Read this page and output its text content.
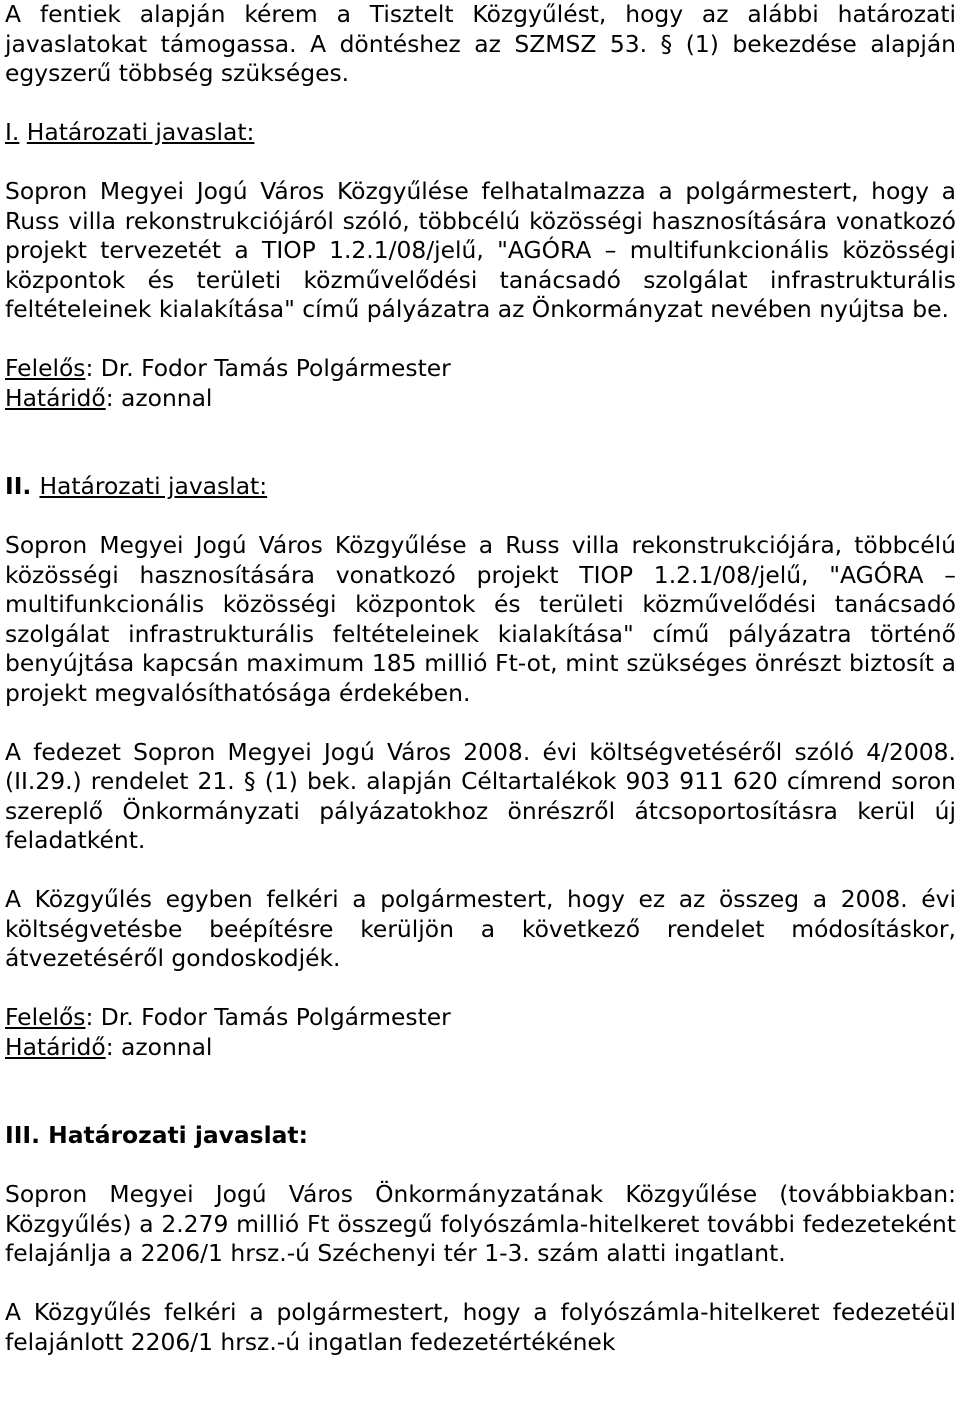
A fentiek alapján kérem a Tisztelt Közgyűlést, hogy az alábbi határozati javaslatokat támogassa. A döntéshez az SZMSZ 53. § (1) bekezdése alapján egyszerű többség szükséges.

I. Határozati javaslat:

Sopron Megyei Jogú Város Közgyűlése felhatalmazza a polgármestert, hogy a Russ villa rekonstrukciójáról szóló, többcélú közösségi hasznosítására vonatkozó projekt tervezetét a TIOP 1.2.1/08/jelű, "AGÓRA – multifunkcionális közösségi központok és területi közművelődési tanácsadó szolgálat infrastrukturális feltételeinek kialakítása" című pályázatra az Önkormányzat nevében nyújtsa be.

Felelős: Dr. Fodor Tamás Polgármester

Határidő: azonnal

II. Határozati javaslat:

Sopron Megyei Jogú Város Közgyűlése a Russ villa rekonstrukciójára, többcélú közösségi hasznosítására vonatkozó projekt TIOP 1.2.1/08/jelű, "AGÓRA – multifunkcionális közösségi központok és területi közművelődési tanácsadó szolgálat infrastrukturális feltételeinek kialakítása" című pályázatra történő benyújtása kapcsán maximum 185 millió Ft-ot, mint szükséges önrészt biztosít a projekt megvalósíthatósága érdekében.

A fedezet Sopron Megyei Jogú Város 2008. évi költségvetéséről szóló 4/2008. (II.29.) rendelet 21. § (1) bek. alapján Céltartalékok 903 911 620 címrend soron szereplő Önkormányzati pályázatokhoz önrészről átcsoportosításra kerül új feladatként.

A Közgyűlés egyben felkéri a polgármestert, hogy ez az összeg a 2008. évi költségvetésbe beépítésre kerüljön a következő rendelet módosításkor, átvezetéséről gondoskodjék.

Felelős: Dr. Fodor Tamás Polgármester

Határidő: azonnal

III. Határozati javaslat:

Sopron Megyei Jogú Város Önkormányzatának Közgyűlése (továbbiakban: Közgyűlés) a 2.279 millió Ft összegű folyószámla-hitelkeret további fedezeteként felajánlja a 2206/1 hrsz.-ú Széchenyi tér 1-3. szám alatti ingatlant.

A Közgyűlés felkéri a polgármestert, hogy a folyószámla-hitelkeret fedezetéül felajánlott 2206/1 hrsz.-ú ingatlan fedezetértékének
